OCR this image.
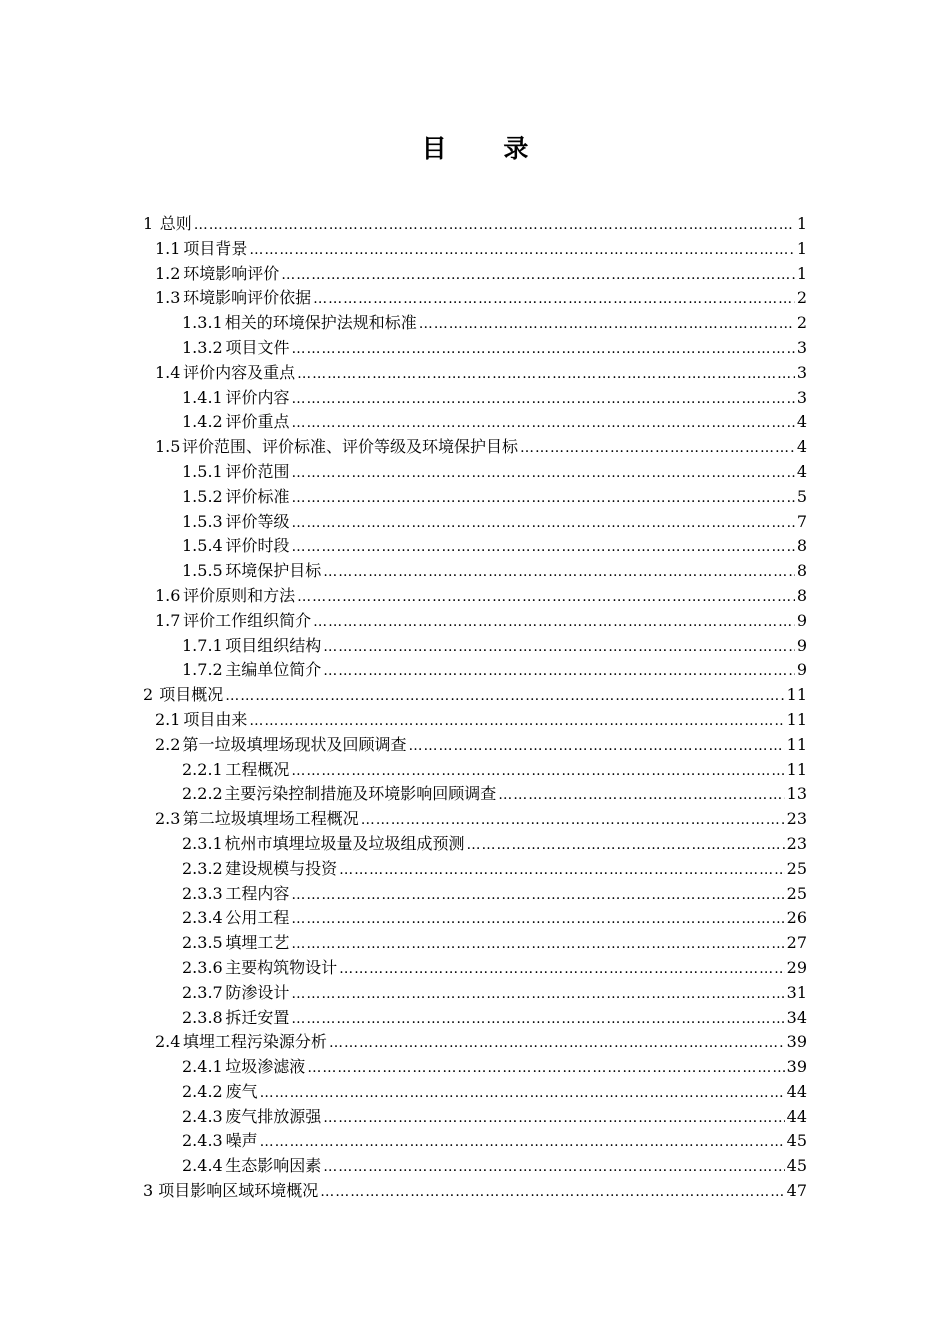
目 录
1 总则 ……………………………………………………………………………………………………………………………………………………………………………………………………	1
1.1 项目背景 ……………………………………………………………………………………………………………………………………………………………………………………………………	1
1.2 环境影响评价 ……………………………………………………………………………………………………………………………………………………………………………………………………	1
1.3 环境影响评价依据 ……………………………………………………………………………………………………………………………………………………………………………………………………	2
1.3.1 相关的环境保护法规和标准 ……………………………………………………………………………………………………………………………………………………………………………………………………	2
1.3.2 项目文件 ……………………………………………………………………………………………………………………………………………………………………………………………………	3
1.4 评价内容及重点 ……………………………………………………………………………………………………………………………………………………………………………………………………	3
1.4.1 评价内容 ……………………………………………………………………………………………………………………………………………………………………………………………………	3
1.4.2 评价重点 ……………………………………………………………………………………………………………………………………………………………………………………………………	4
1.5 评价范围、评价标准、评价等级及环境保护目标 ……………………………………………………………………………………………………………………………………………………………………………………………………	4
1.5.1 评价范围 ……………………………………………………………………………………………………………………………………………………………………………………………………	4
1.5.2 评价标准 ……………………………………………………………………………………………………………………………………………………………………………………………………	5
1.5.3 评价等级 ……………………………………………………………………………………………………………………………………………………………………………………………………	7
1.5.4 评价时段 ……………………………………………………………………………………………………………………………………………………………………………………………………	8
1.5.5 环境保护目标 ……………………………………………………………………………………………………………………………………………………………………………………………………	8
1.6 评价原则和方法 ……………………………………………………………………………………………………………………………………………………………………………………………………	8
1.7 评价工作组织简介 ……………………………………………………………………………………………………………………………………………………………………………………………………	9
1.7.1 项目组织结构 ……………………………………………………………………………………………………………………………………………………………………………………………………	9
1.7.2 主编单位简介 ……………………………………………………………………………………………………………………………………………………………………………………………………	9
2 项目概况 ……………………………………………………………………………………………………………………………………………………………………………………………………	11
2.1 项目由来 ……………………………………………………………………………………………………………………………………………………………………………………………………	11
2.2 第一垃圾填埋场现状及回顾调查 ……………………………………………………………………………………………………………………………………………………………………………………………………	11
2.2.1 工程概况 ……………………………………………………………………………………………………………………………………………………………………………………………………	11
2.2.2 主要污染控制措施及环境影响回顾调查 ……………………………………………………………………………………………………………………………………………………………………………………………………	13
2.3 第二垃圾填埋场工程概况 ……………………………………………………………………………………………………………………………………………………………………………………………………	23
2.3.1 杭州市填埋垃圾量及垃圾组成预测 ……………………………………………………………………………………………………………………………………………………………………………………………………	23
2.3.2 建设规模与投资 ……………………………………………………………………………………………………………………………………………………………………………………………………	25
2.3.3 工程内容 ……………………………………………………………………………………………………………………………………………………………………………………………………	25
2.3.4 公用工程 ……………………………………………………………………………………………………………………………………………………………………………………………………	26
2.3.5 填埋工艺 ……………………………………………………………………………………………………………………………………………………………………………………………………	27
2.3.6 主要构筑物设计 ……………………………………………………………………………………………………………………………………………………………………………………………………	29
2.3.7 防渗设计 ……………………………………………………………………………………………………………………………………………………………………………………………………	31
2.3.8 拆迁安置 ……………………………………………………………………………………………………………………………………………………………………………………………………	34
2.4 填埋工程污染源分析 ……………………………………………………………………………………………………………………………………………………………………………………………………	39
2.4.1 垃圾渗滤液 ……………………………………………………………………………………………………………………………………………………………………………………………………	39
2.4.2 废气 ……………………………………………………………………………………………………………………………………………………………………………………………………	44
2.4.3 废气排放源强 ……………………………………………………………………………………………………………………………………………………………………………………………………	44
2.4.3 噪声 ……………………………………………………………………………………………………………………………………………………………………………………………………	45
2.4.4 生态影响因素 ……………………………………………………………………………………………………………………………………………………………………………………………………	45
3 项目影响区域环境概况 ……………………………………………………………………………………………………………………………………………………………………………………………………	47
